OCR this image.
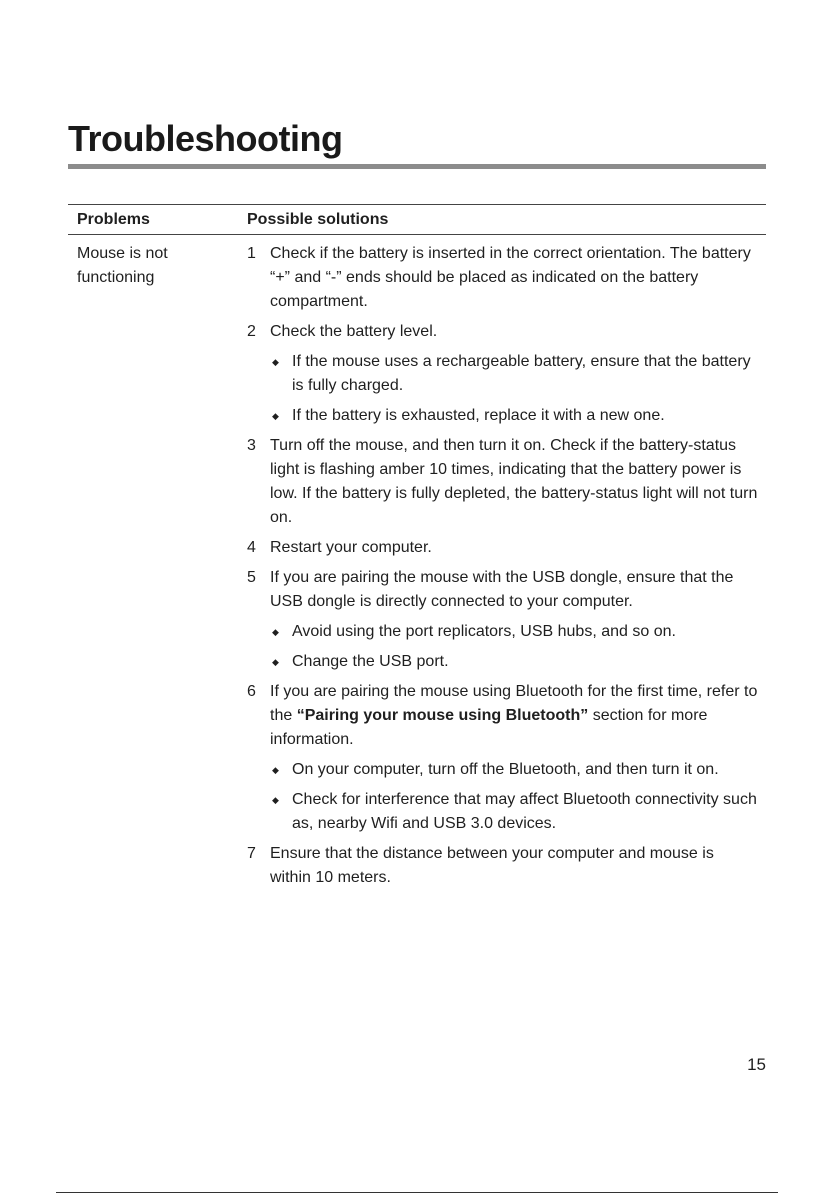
Troubleshooting
Problems	Possible solutions
Mouse is not functioning
1 Check if the battery is inserted in the correct orientation. The battery “+” and “-” ends should be placed as indicated on the battery compartment.
2 Check the battery level.
◆ If the mouse uses a rechargeable battery, ensure that the battery is fully charged.
◆ If the battery is exhausted, replace it with a new one.
3 Turn off the mouse, and then turn it on. Check if the battery-status light is flashing amber 10 times, indicating that the battery power is low. If the battery is fully depleted, the battery-status light will not turn on.
4 Restart your computer.
5 If you are pairing the mouse with the USB dongle, ensure that the USB dongle is directly connected to your computer.
◆ Avoid using the port replicators, USB hubs, and so on.
◆ Change the USB port.
6 If you are pairing the mouse using Bluetooth for the first time, refer to the “Pairing your mouse using Bluetooth” section for more information.
◆ On your computer, turn off the Bluetooth, and then turn it on.
◆ Check for interference that may affect Bluetooth connectivity such as, nearby Wifi and USB 3.0 devices.
7 Ensure that the distance between your computer and mouse is within 10 meters.
15
